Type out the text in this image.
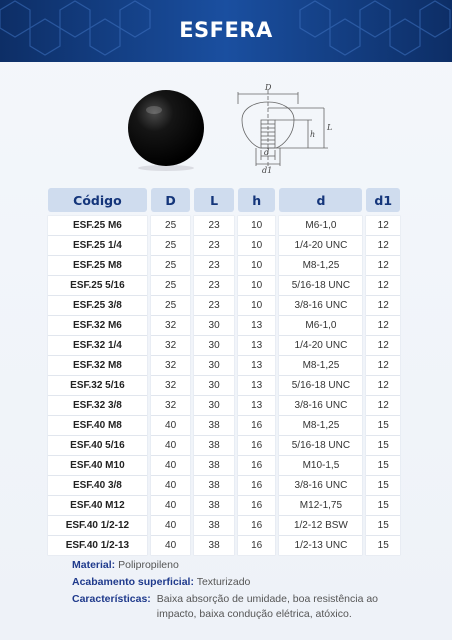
ESFERA
D
h
L
d
d1
Código	D	L	h	d	d1
ESF.25 M6	25	23	10	M6-1,0	12
ESF.25 1/4	25	23	10	1/4-20 UNC	12
ESF.25 M8	25	23	10	M8-1,25	12
ESF.25 5/16	25	23	10	5/16-18 UNC	12
ESF.25 3/8	25	23	10	3/8-16 UNC	12
ESF.32 M6	32	30	13	M6-1,0	12
ESF.32 1/4	32	30	13	1/4-20 UNC	12
ESF.32 M8	32	30	13	M8-1,25	12
ESF.32 5/16	32	30	13	5/16-18 UNC	12
ESF.32 3/8	32	30	13	3/8-16 UNC	12
ESF.40 M8	40	38	16	M8-1,25	15
ESF.40 5/16	40	38	16	5/16-18 UNC	15
ESF.40 M10	40	38	16	M10-1,5	15
ESF.40 3/8	40	38	16	3/8-16 UNC	15
ESF.40 M12	40	38	16	M12-1,75	15
ESF.40 1/2-12	40	38	16	1/2-12 BSW	15
ESF.40 1/2-13	40	38	16	1/2-13 UNC	15
Material: Polipropileno
Acabamento superficial: Texturizado
Características: Baixa absorção de umidade, boa resistência ao impacto, baixa condução elétrica, atóxico.
